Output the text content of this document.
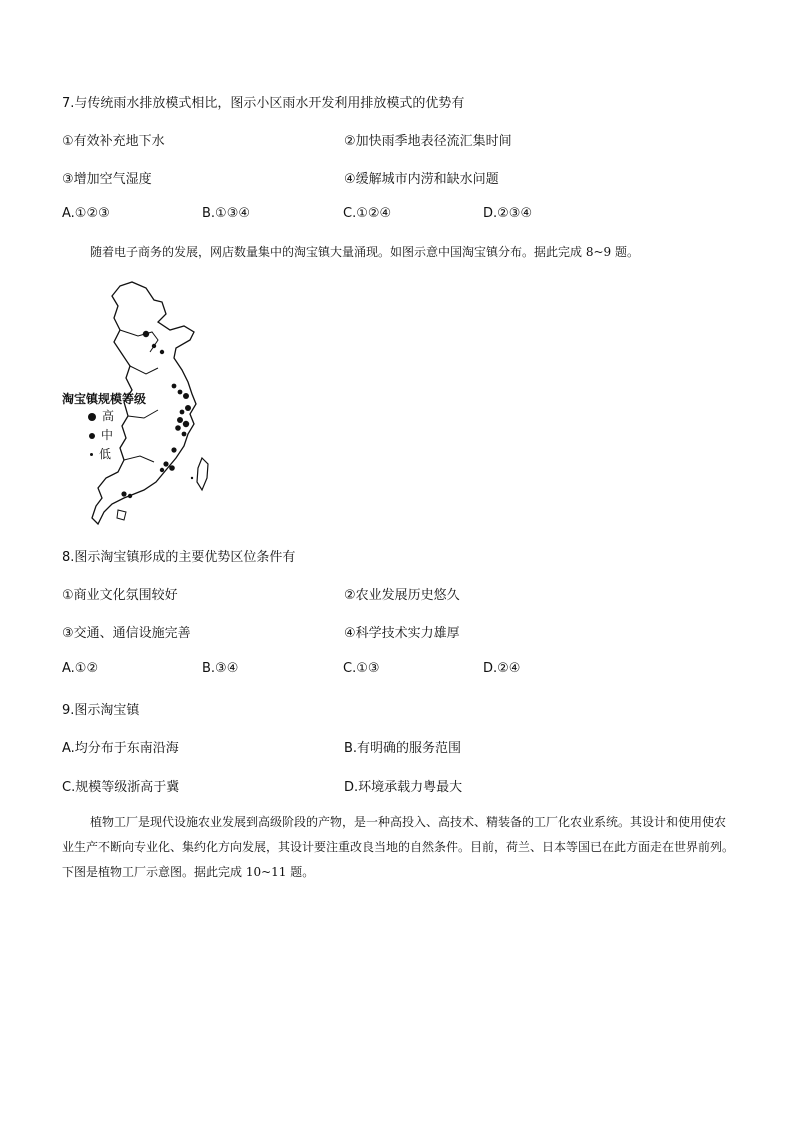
7.与传统雨水排放模式相比，图示小区雨水开发利用排放模式的优势有
①有效补充地下水	②加快雨季地表径流汇集时间
③增加空气湿度	④缓解城市内涝和缺水问题
A.①②③	B.①③④	C.①②④	D.②③④

随着电子商务的发展，网店数量集中的淘宝镇大量涌现。如图示意中国淘宝镇分布。据此完成 8~9 题。

淘宝镇规模等级
高
中
低
8.图示淘宝镇形成的主要优势区位条件有
①商业文化氛围较好	②农业发展历史悠久
③交通、通信设施完善	④科学技术实力雄厚
A.①②	B.③④	C.①③	D.②④
9.图示淘宝镇
A.均分布于东南沿海	B.有明确的服务范围
C.规模等级浙高于冀	D.环境承载力粤最大

植物工厂是现代设施农业发展到高级阶段的产物，是一种高投入、高技术、精装备的工厂化农业系统。其设计和使用使农业生产不断向专业化、集约化方向发展，其设计要注重改良当地的自然条件。目前，荷兰、日本等国已在此方面走在世界前列。下图是植物工厂示意图。据此完成 10~11 题。
